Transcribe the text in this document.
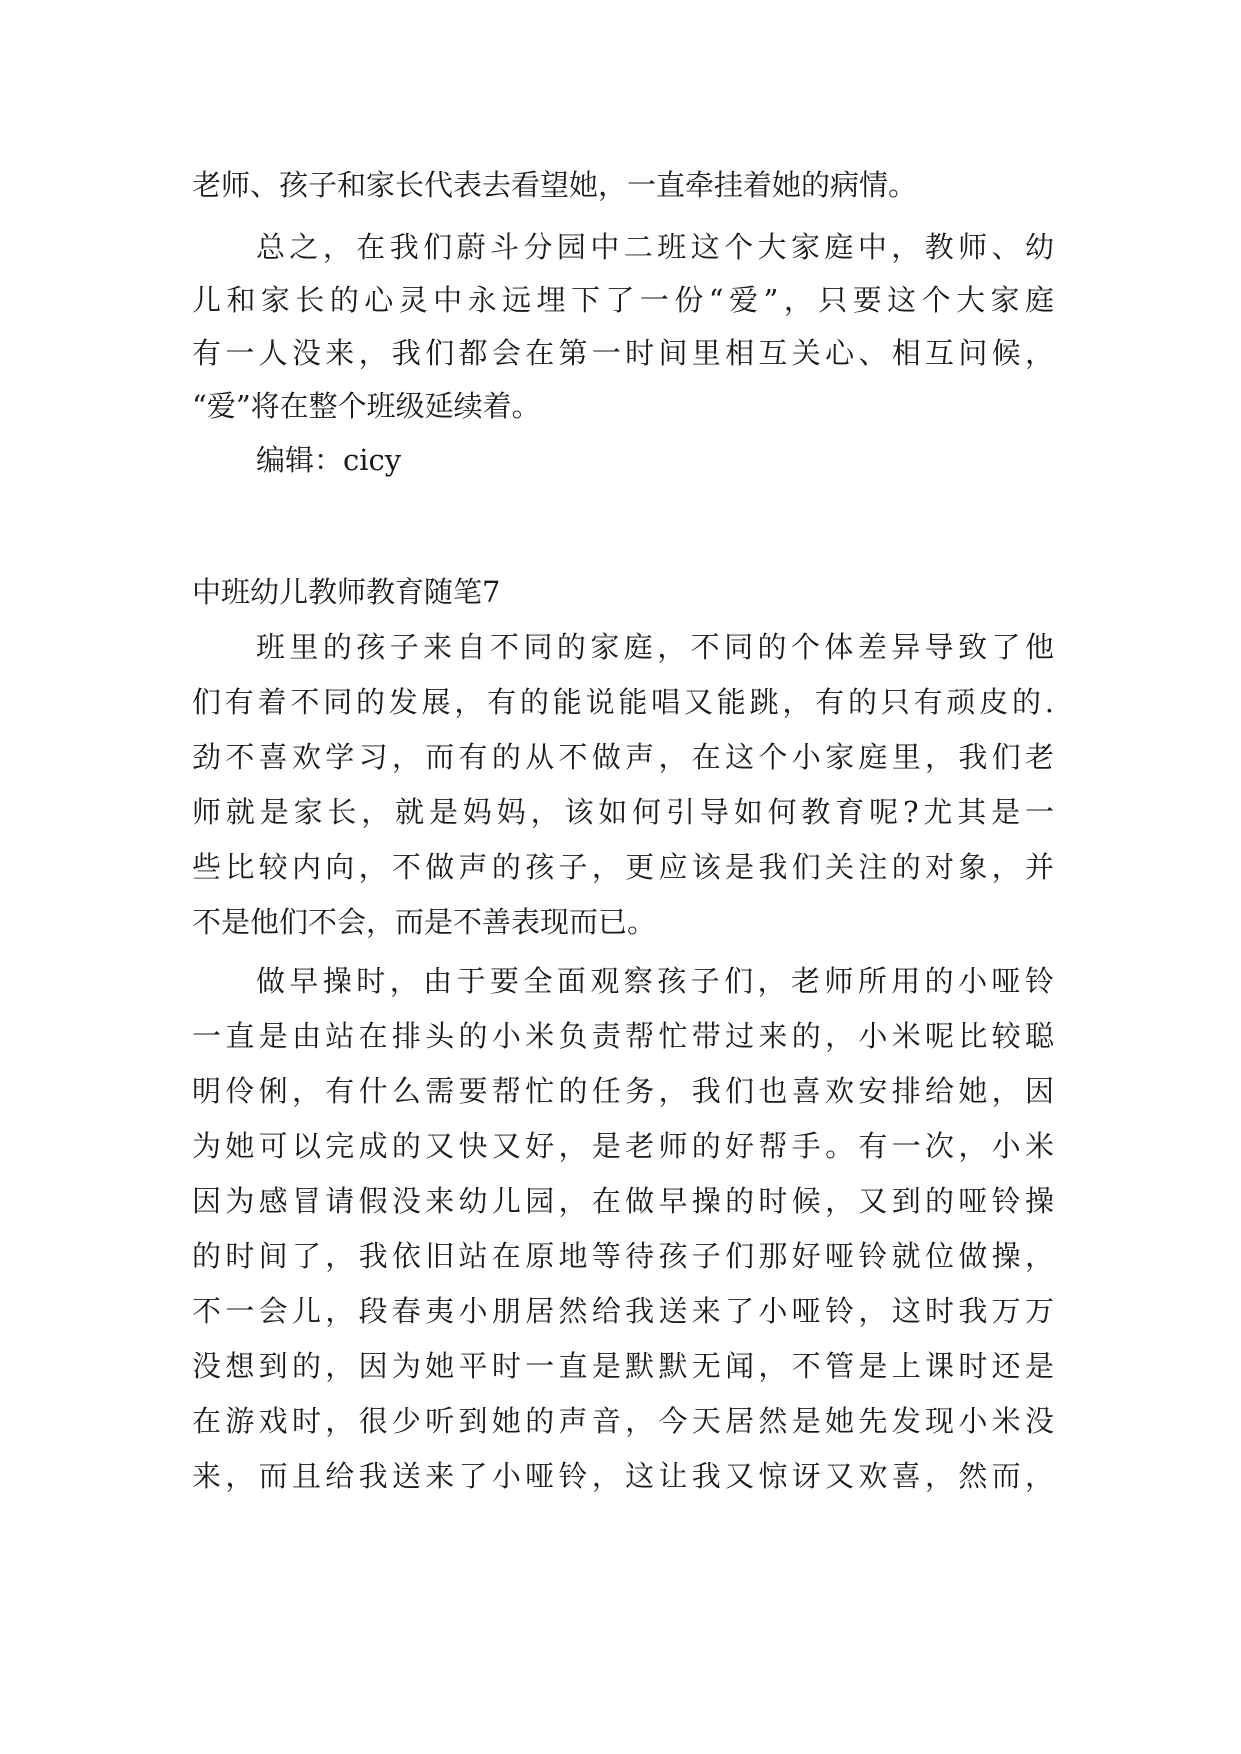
老师、孩子和家长代表去看望她，一直牵挂着她的病情。
总之，在我们蔚斗分园中二班这个大家庭中，教师、幼
儿和家长的心灵中永远埋下了一份“爱”，只要这个大家庭
有一人没来，我们都会在第一时间里相互关心、相互问候，
“爱”将在整个班级延续着。
编辑：cicy
中班幼儿教师教育随笔7
班里的孩子来自不同的家庭，不同的个体差异导致了他
们有着不同的发展，有的能说能唱又能跳，有的只有顽皮的.
劲不喜欢学习，而有的从不做声，在这个小家庭里，我们老
师就是家长，就是妈妈，该如何引导如何教育呢?尤其是一
些比较内向，不做声的孩子，更应该是我们关注的对象，并
不是他们不会，而是不善表现而已。
做早操时，由于要全面观察孩子们，老师所用的小哑铃
一直是由站在排头的小米负责帮忙带过来的，小米呢比较聪
明伶俐，有什么需要帮忙的任务，我们也喜欢安排给她，因
为她可以完成的又快又好，是老师的好帮手。有一次，小米
因为感冒请假没来幼儿园，在做早操的时候，又到的哑铃操
的时间了，我依旧站在原地等待孩子们那好哑铃就位做操，
不一会儿，段春夷小朋居然给我送来了小哑铃，这时我万万
没想到的，因为她平时一直是默默无闻，不管是上课时还是
在游戏时，很少听到她的声音，今天居然是她先发现小米没
来，而且给我送来了小哑铃，这让我又惊讶又欢喜，然而，
